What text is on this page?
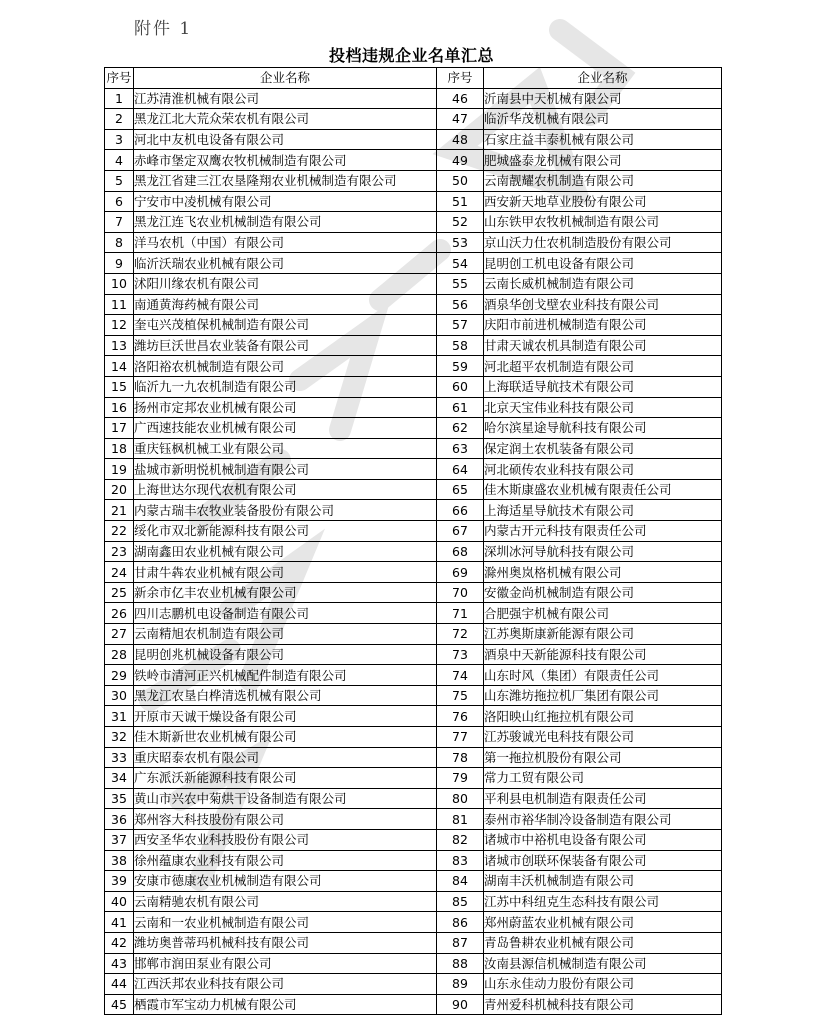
附件 1
投档违规企业名单汇总
序号	企业名称	序号	企业名称
1	江苏清淮机械有限公司	46	沂南县中天机械有限公司
2	黑龙江北大荒众荣农机有限公司	47	临沂华茂机械有限公司
3	河北中友机电设备有限公司	48	石家庄益丰泰机械有限公司
4	赤峰市堡定双鹰农牧机械制造有限公司	49	肥城盛泰龙机械有限公司
5	黑龙江省建三江农垦隆翔农业机械制造有限公司	50	云南靓耀农机制造有限公司
6	宁安市中凌机械有限公司	51	西安新天地草业股份有限公司
7	黑龙江连飞农业机械制造有限公司	52	山东铁甲农牧机械制造有限公司
8	洋马农机（中国）有限公司	53	京山沃力仕农机制造股份有限公司
9	临沂沃瑞农业机械有限公司	54	昆明创工机电设备有限公司
10	沭阳川缘农机有限公司	55	云南长威机械制造有限公司
11	南通黄海药械有限公司	56	酒泉华创戈壁农业科技有限公司
12	奎屯兴茂植保机械制造有限公司	57	庆阳市前进机械制造有限公司
13	潍坊巨沃世昌农业装备有限公司	58	甘肃天诚农机具制造有限公司
14	洛阳裕农机械制造有限公司	59	河北超平农机制造有限公司
15	临沂九一九农机制造有限公司	60	上海联适导航技术有限公司
16	扬州市定邦农业机械有限公司	61	北京天宝伟业科技有限公司
17	广西速技能农业机械有限公司	62	哈尔滨星途导航科技有限公司
18	重庆钰枫机械工业有限公司	63	保定润土农机装备有限公司
19	盐城市新明悦机械制造有限公司	64	河北硕传农业科技有限公司
20	上海世达尔现代农机有限公司	65	佳木斯康盛农业机械有限责任公司
21	内蒙古瑞丰农牧业装备股份有限公司	66	上海适星导航技术有限公司
22	绥化市双北新能源科技有限公司	67	内蒙古开元科技有限责任公司
23	湖南鑫田农业机械有限公司	68	深圳冰河导航科技有限公司
24	甘肃牛犇农业机械有限公司	69	滁州奥岚格机械有限公司
25	新余市亿丰农业机械有限公司	70	安徽金尚机械制造有限公司
26	四川志鹏机电设备制造有限公司	71	合肥强宇机械有限公司
27	云南精旭农机制造有限公司	72	江苏奥斯康新能源有限公司
28	昆明创兆机械设备有限公司	73	酒泉中天新能源科技有限公司
29	铁岭市清河正兴机械配件制造有限公司	74	山东时风（集团）有限责任公司
30	黑龙江农垦白桦清选机械有限公司	75	山东潍坊拖拉机厂集团有限公司
31	开原市天诚干燥设备有限公司	76	洛阳映山红拖拉机有限公司
32	佳木斯新世农业机械有限公司	77	江苏骏诚光电科技有限公司
33	重庆昭泰农机有限公司	78	第一拖拉机股份有限公司
34	广东派沃新能源科技有限公司	79	常力工贸有限公司
35	黄山市兴农中菊烘干设备制造有限公司	80	平利县电机制造有限责任公司
36	郑州容大科技股份有限公司	81	泰州市裕华制冷设备制造有限公司
37	西安圣华农业科技股份有限公司	82	诸城市中裕机电设备有限公司
38	徐州蕴康农业科技有限公司	83	诸城市创联环保装备有限公司
39	安康市德康农业机械制造有限公司	84	湖南丰沃机械制造有限公司
40	云南精驰农机有限公司	85	江苏中科纽克生态科技有限公司
41	云南和一农业机械制造有限公司	86	郑州蔚蓝农业机械有限公司
42	潍坊奥普蒂玛机械科技有限公司	87	青岛鲁耕农业机械有限公司
43	邯郸市润田泵业有限公司	88	汝南县源信机械制造有限公司
44	江西沃邦农业科技有限公司	89	山东永佳动力股份有限公司
45	栖霞市军宝动力机械有限公司	90	青州爱科机械科技有限公司
